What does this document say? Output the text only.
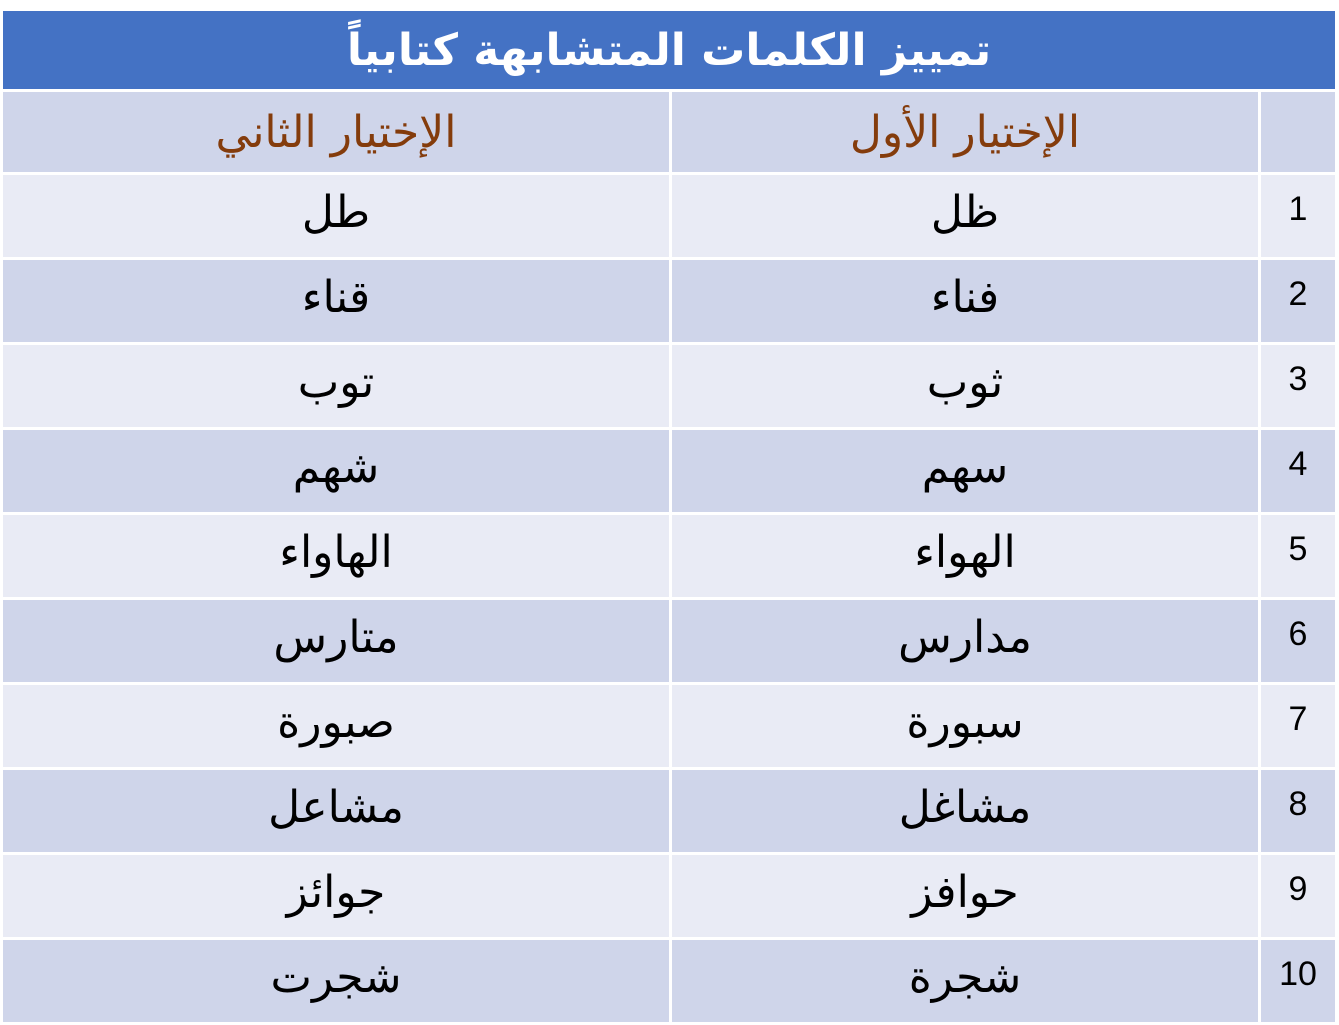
تمييز الكلمات المتشابهة كتابياً		
الإختيار الثاني	الإختيار الأول	
طل	ظل	1
قناء	فناء	2
توب	ثوب	3
شهم	سهم	4
الهاواء	الهواء	5
متارس	مدارس	6
صبورة	سبورة	7
مشاعل	مشاغل	8
جوائز	حوافز	9
شجرت	شجرة	10
